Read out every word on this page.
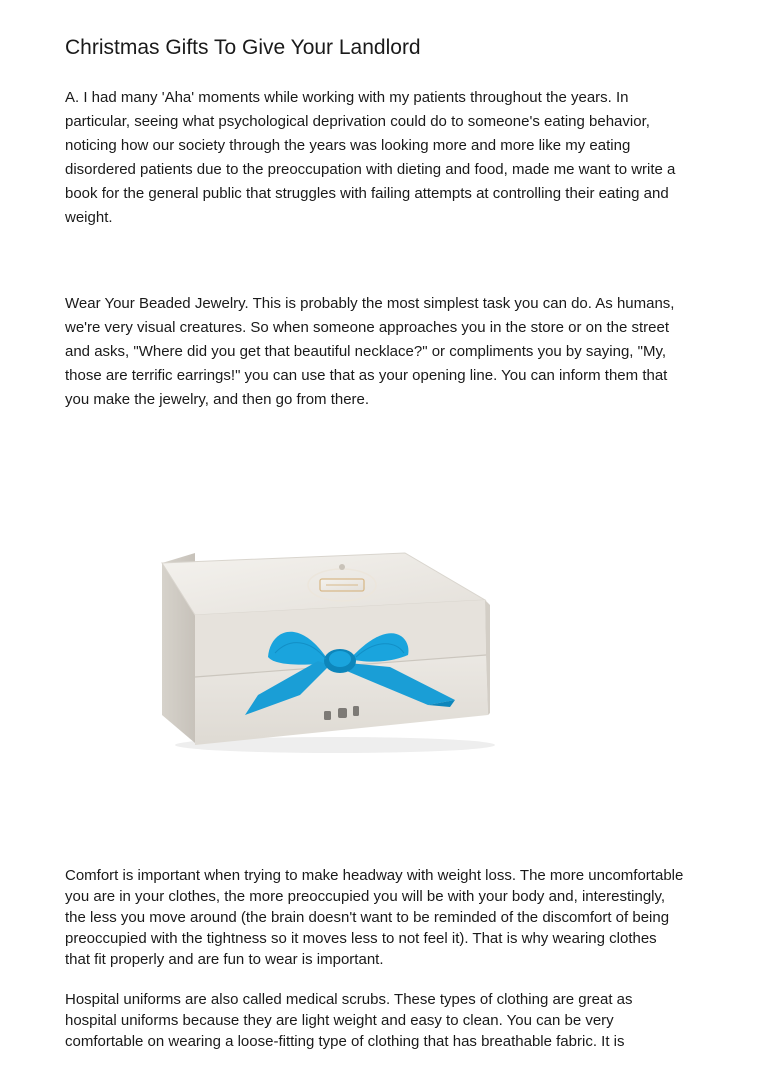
Christmas Gifts To Give Your Landlord

A. I had many 'Aha' moments while working with my patients throughout the years. In
particular, seeing what psychological deprivation could do to someone's eating behavior,
noticing how our society through the years was looking more and more like my eating
disordered patients due to the preoccupation with dieting and food, made me want to write a
book for the general public that struggles with failing attempts at controlling their eating and
weight.

Wear Your Beaded Jewelry. This is probably the most simplest task you can do. As humans,
we're very visual creatures. So when someone approaches you in the store or on the street
and asks, "Where did you get that beautiful necklace?" or compliments you by saying, "My,
those are terrific earrings!" you can use that as your opening line. You can inform them that
you make the jewelry, and then go from there.

Comfort is important when trying to make headway with weight loss. The more uncomfortable
you are in your clothes, the more preoccupied you will be with your body and, interestingly,
the less you move around (the brain doesn't want to be reminded of the discomfort of being
preoccupied with the tightness so it moves less to not feel it). That is why wearing clothes
that fit properly and are fun to wear is important.

Hospital uniforms are also called medical scrubs. These types of clothing are great as
hospital uniforms because they are light weight and easy to clean. You can be very
comfortable on wearing a loose-fitting type of clothing that has breathable fabric. It is
